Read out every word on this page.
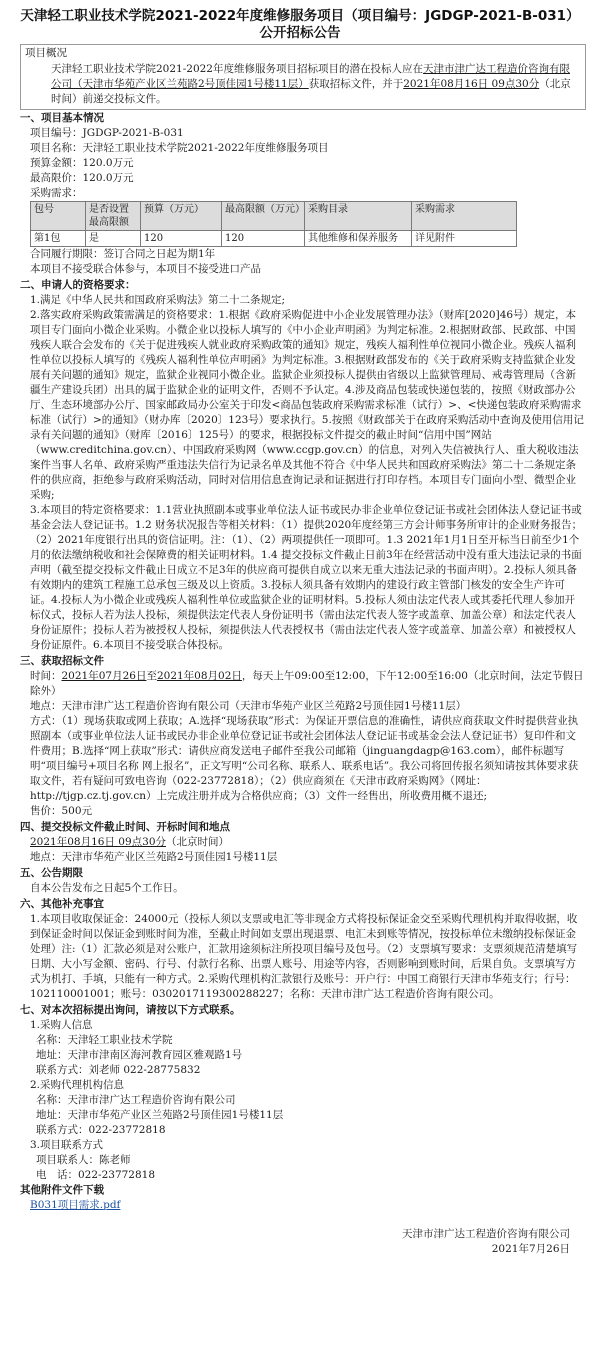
天津轻工职业技术学院2021-2022年度维修服务项目（项目编号：JGDGP-2021-B-031）
公开招标公告
项目概况

天津轻工职业技术学院2021-2022年度维修服务项目招标项目的潜在投标人应在天津市津广达工程造价咨询有限公司（天津市华苑产业区兰苑路2号顶佳园1号楼11层）获取招标文件，并于2021年08月16日 09点30分（北京时间）前递交投标文件。

一、项目基本情况
项目编号：JGDGP-2021-B-031
项目名称：天津轻工职业技术学院2021-2022年度维修服务项目
预算金额：120.0万元
最高限价：120.0万元
采购需求：
包号	是否设置最高限额	预算（万元）	最高限额（万元）	采购目录	采购需求
第1包	是	120	120	其他维修和保养服务	详见附件
合同履行期限：签订合同之日起为期1年
本项目不接受联合体参与，本项目不接受进口产品
二、申请人的资格要求：
1.满足《中华人民共和国政府采购法》第二十二条规定;
2.落实政府采购政策需满足的资格要求：1.根据《政府采购促进中小企业发展管理办法》（财库[2020]46号）规定，本项目专门面向小微企业采购。小微企业以投标人填写的《中小企业声明函》为判定标准。2.根据财政部、民政部、中国残疾人联合会发布的《关于促进残疾人就业政府采购政策的通知》规定，残疾人福利性单位视同小微企业。残疾人福利性单位以投标人填写的《残疾人福利性单位声明函》为判定标准。3.根据财政部发布的《关于政府采购支持监狱企业发展有关问题的通知》规定，监狱企业视同小微企业。监狱企业须投标人提供由省级以上监狱管理局、戒毒管理局（含新疆生产建设兵团）出具的属于监狱企业的证明文件，否则不予认定。4.涉及商品包装或快递包装的，按照《财政部办公厅、生态环境部办公厅、国家邮政局办公室关于印发<商品包装政府采购需求标准（试行）>、<快递包装政府采购需求标准（试行）>的通知》（财办库〔2020〕123号）要求执行。5.按照《财政部关于在政府采购活动中查询及使用信用记录有关问题的通知》（财库〔2016〕125号）的要求，根据投标文件提交的截止时间“信用中国”网站（www.creditchina.gov.cn）、中国政府采购网（www.ccgp.gov.cn）的信息，对列入失信被执行人、重大税收违法案件当事人名单、政府采购严重违法失信行为记录名单及其他不符合《中华人民共和国政府采购法》第二十二条规定条件的供应商，拒绝参与政府采购活动，同时对信用信息查询记录和证据进行打印存档。本项目专门面向小型、微型企业采购;
3.本项目的特定资格要求：1.1营业执照副本或事业单位法人证书或民办非企业单位登记证书或社会团体法人登记证书或基金会法人登记证书。1.2 财务状况报告等相关材料：（1）提供2020年度经第三方会计师事务所审计的企业财务报告；（2）2021年度银行出具的资信证明。注：（1）、（2）两项提供任一项即可。1.3 2021年1月1日至开标当日前至少1个月的依法缴纳税收和社会保障费的相关证明材料。1.4 提交投标文件截止日前3年在经营活动中没有重大违法记录的书面声明（截至提交投标文件截止日成立不足3年的供应商可提供自成立以来无重大违法记录的书面声明）。2.投标人须具备有效期内的建筑工程施工总承包三级及以上资质。3.投标人须具备有效期内的建设行政主管部门核发的安全生产许可证。4.投标人为小微企业或残疾人福利性单位或监狱企业的证明材料。5.投标人须由法定代表人或其委托代理人参加开标仪式，投标人若为法人投标，须提供法定代表人身份证明书（需由法定代表人签字或盖章、加盖公章）和法定代表人身份证原件；投标人若为被授权人投标，须提供法人代表授权书（需由法定代表人签字或盖章、加盖公章）和被授权人身份证原件。6.本项目不接受联合体投标。
三、获取招标文件
时间：2021年07月26日至2021年08月02日，每天上午09:00至12:00，下午12:00至16:00（北京时间，法定节假日除外）
地点：天津市津广达工程造价咨询有限公司（天津市华苑产业区兰苑路2号顶佳园1号楼11层）
方式：（1）现场获取或网上获取；A.选择“现场获取”形式：为保证开票信息的准确性，请供应商获取文件时提供营业执照副本（或事业单位法人证书或民办非企业单位登记证书或社会团体法人登记证书或基金会法人登记证书）复印件和文件费用；B.选择“网上获取”形式：请供应商发送电子邮件至我公司邮箱（jinguangdagp@163.com），邮件标题写明“项目编号+项目名称 网上报名”，正文写明“公司名称、联系人、联系电话”。我公司将回传报名须知请按其体要求获取文件，若有疑问可致电咨询（022-23772818）；（2）供应商须在《天津市政府采购网》（网址：http://tjgp.cz.tj.gov.cn）上完成注册并成为合格供应商；（3）文件一经售出，所收费用概不退还;
售价：500元
四、提交投标文件截止时间、开标时间和地点
2021年08月16日 09点30分（北京时间）
地点：天津市华苑产业区兰苑路2号顶佳园1号楼11层
五、公告期限
自本公告发布之日起5个工作日。
六、其他补充事宜
1.本项目收取保证金：24000元（投标人须以支票或电汇等非现金方式将投标保证金交至采购代理机构并取得收据，收到保证金时间以保证金到账时间为准，至截止时间如支票出现退票、电汇未到账等情况，按投标单位未缴纳投标保证金处理）注:（1）汇款必须是对公账户，汇款用途须标注所投项目编号及包号。（2）支票填写要求：支票须规范清楚填写日期、大小写金额、密码、行号、付款行名称、出票人账号、用途等内容，否则影响到账时间，后果自负。支票填写方式为机打、手填，只能有一种方式。2.采购代理机构汇款银行及账号：开户行：中国工商银行天津市华苑支行；行号：102110001001；账号：0302017119300288227；名称：天津市津广达工程造价咨询有限公司。
七、对本次招标提出询问，请按以下方式联系。
1.采购人信息
名称：天津轻工职业技术学院
地址：天津市津南区海河教育园区雅观路1号
联系方式：刘老师 022-28775832
2.采购代理机构信息
名称：天津市津广达工程造价咨询有限公司
地址：天津市华苑产业区兰苑路2号顶佳园1号楼11层
联系方式：022-23772818
3.项目联系方式
项目联系人：陈老师
电　话：022-23772818
其他附件文件下载
B031项目需求.pdf
天津市津广达工程造价咨询有限公司
2021年7月26日
